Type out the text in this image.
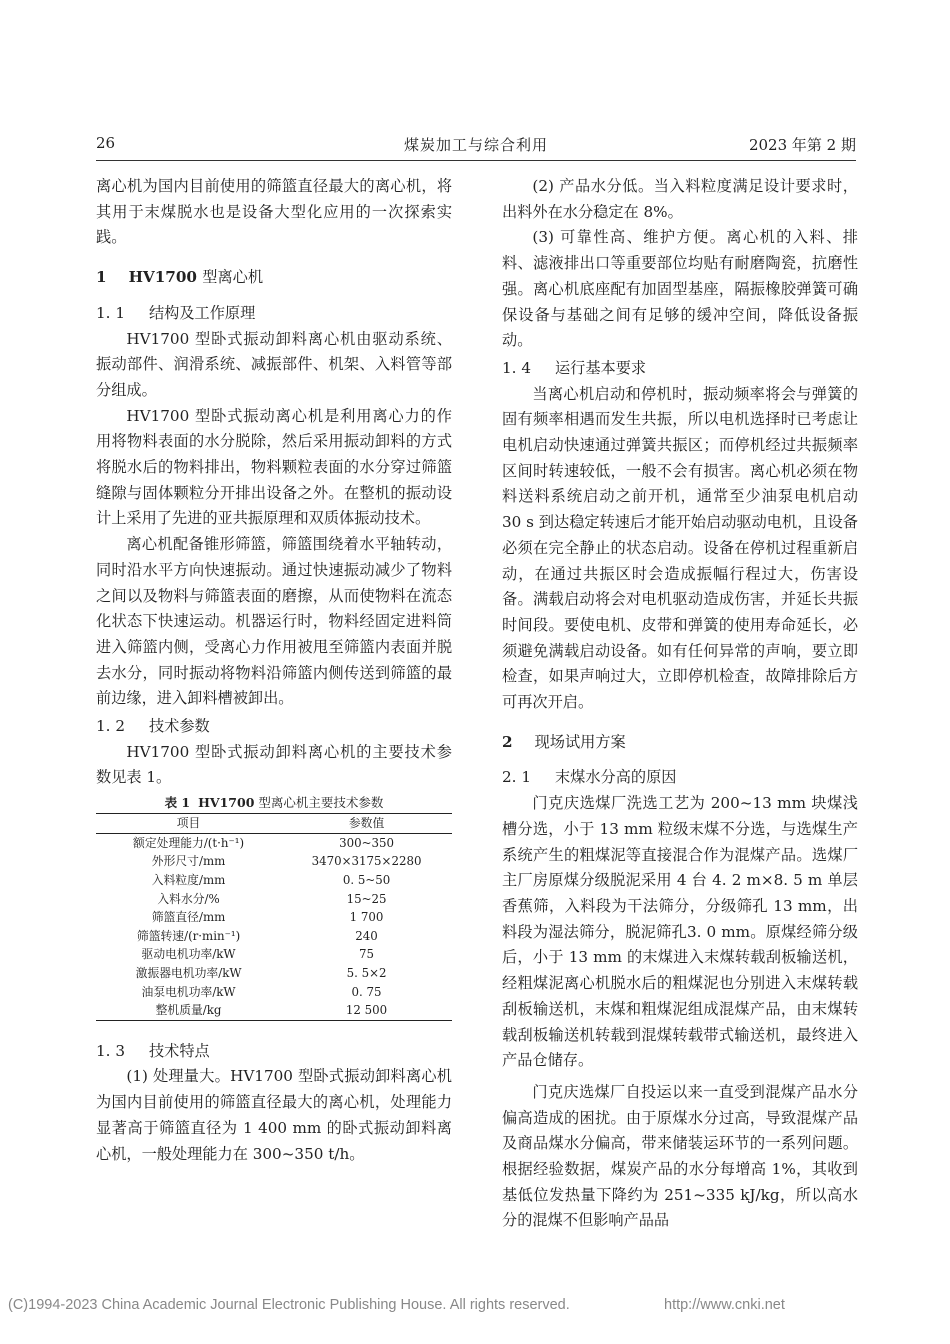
26	煤炭加工与综合利用	2023 年第 2 期

离心机为国内目前使用的筛篮直径最大的离心机，将其用于末煤脱水也是设备大型化应用的一次探索实践。

1 HV1700 型离心机
1. 1 结构及工作原理

HV1700 型卧式振动卸料离心机由驱动系统、振动部件、润滑系统、减振部件、机架、入料管等部分组成。

HV1700 型卧式振动离心机是利用离心力的作用将物料表面的水分脱除，然后采用振动卸料的方式将脱水后的物料排出，物料颗粒表面的水分穿过筛篮缝隙与固体颗粒分开排出设备之外。在整机的振动设计上采用了先进的亚共振原理和双质体振动技术。

离心机配备锥形筛篮，筛篮围绕着水平轴转动，同时沿水平方向快速振动。通过快速振动减少了物料之间以及物料与筛篮表面的磨擦，从而使物料在流态化状态下快速运动。机器运行时，物料经固定进料筒进入筛篮内侧，受离心力作用被甩至筛篮内表面并脱去水分，同时振动将物料沿筛篮内侧传送到筛篮的最前边缘，进入卸料槽被卸出。

1. 2 技术参数

HV1700 型卧式振动卸料离心机的主要技术参数见表 1。

表 1 HV1700 型离心机主要技术参数
项目	参数值
额定处理能力/(t·h⁻¹)	300~350
外形尺寸/mm	3470×3175×2280
入料粒度/mm	0. 5~50
入料水分/%	15~25
筛篮直径/mm	1 700
筛篮转速/(r·min⁻¹)	240
驱动电机功率/kW	75
激振器电机功率/kW	5. 5×2
油泵电机功率/kW	0. 75
整机质量/kg	12 500
1. 3 技术特点

(1) 处理量大。HV1700 型卧式振动卸料离心机为国内目前使用的筛篮直径最大的离心机，处理能力显著高于筛篮直径为 1 400 mm 的卧式振动卸料离心机，一般处理能力在 300~350 t/h。

(2) 产品水分低。当入料粒度满足设计要求时，出料外在水分稳定在 8%。

(3) 可靠性高、维护方便。离心机的入料、排料、滤液排出口等重要部位均贴有耐磨陶瓷，抗磨性强。离心机底座配有加固型基座，隔振橡胶弹簧可确保设备与基础之间有足够的缓冲空间，降低设备振动。

1. 4 运行基本要求

当离心机启动和停机时，振动频率将会与弹簧的固有频率相遇而发生共振，所以电机选择时已考虑让电机启动快速通过弹簧共振区；而停机经过共振频率区间时转速较低，一般不会有损害。离心机必须在物料送料系统启动之前开机，通常至少油泵电机启动 30 s 到达稳定转速后才能开始启动驱动电机，且设备必须在完全静止的状态启动。设备在停机过程重新启动，在通过共振区时会造成振幅行程过大，伤害设备。满载启动将会对电机驱动造成伤害，并延长共振时间段。要使电机、皮带和弹簧的使用寿命延长，必须避免满载启动设备。如有任何异常的声响，要立即检查，如果声响过大，立即停机检查，故障排除后方可再次开启。

2 现场试用方案
2. 1 末煤水分高的原因

门克庆选煤厂洗选工艺为 200~13 mm 块煤浅槽分选，小于 13 mm 粒级末煤不分选，与选煤生产系统产生的粗煤泥等直接混合作为混煤产品。选煤厂主厂房原煤分级脱泥采用 4 台 4. 2 m×8. 5 m 单层香蕉筛，入料段为干法筛分，分级筛孔 13 mm，出料段为湿法筛分，脱泥筛孔3. 0 mm。原煤经筛分级后，小于 13 mm 的末煤进入末煤转载刮板输送机，经粗煤泥离心机脱水后的粗煤泥也分别进入末煤转载刮板输送机，末煤和粗煤泥组成混煤产品，由末煤转载刮板输送机转载到混煤转载带式输送机，最终进入产品仓储存。

门克庆选煤厂自投运以来一直受到混煤产品水分偏高造成的困扰。由于原煤水分过高，导致混煤产品及商品煤水分偏高，带来储装运环节的一系列问题。根据经验数据，煤炭产品的水分每增高 1%，其收到基低位发热量下降约为 251~335 kJ/kg，所以高水分的混煤不但影响产品品

(C)1994-2023 China Academic Journal Electronic Publishing House. All rights reserved.	http://www.cnki.net
